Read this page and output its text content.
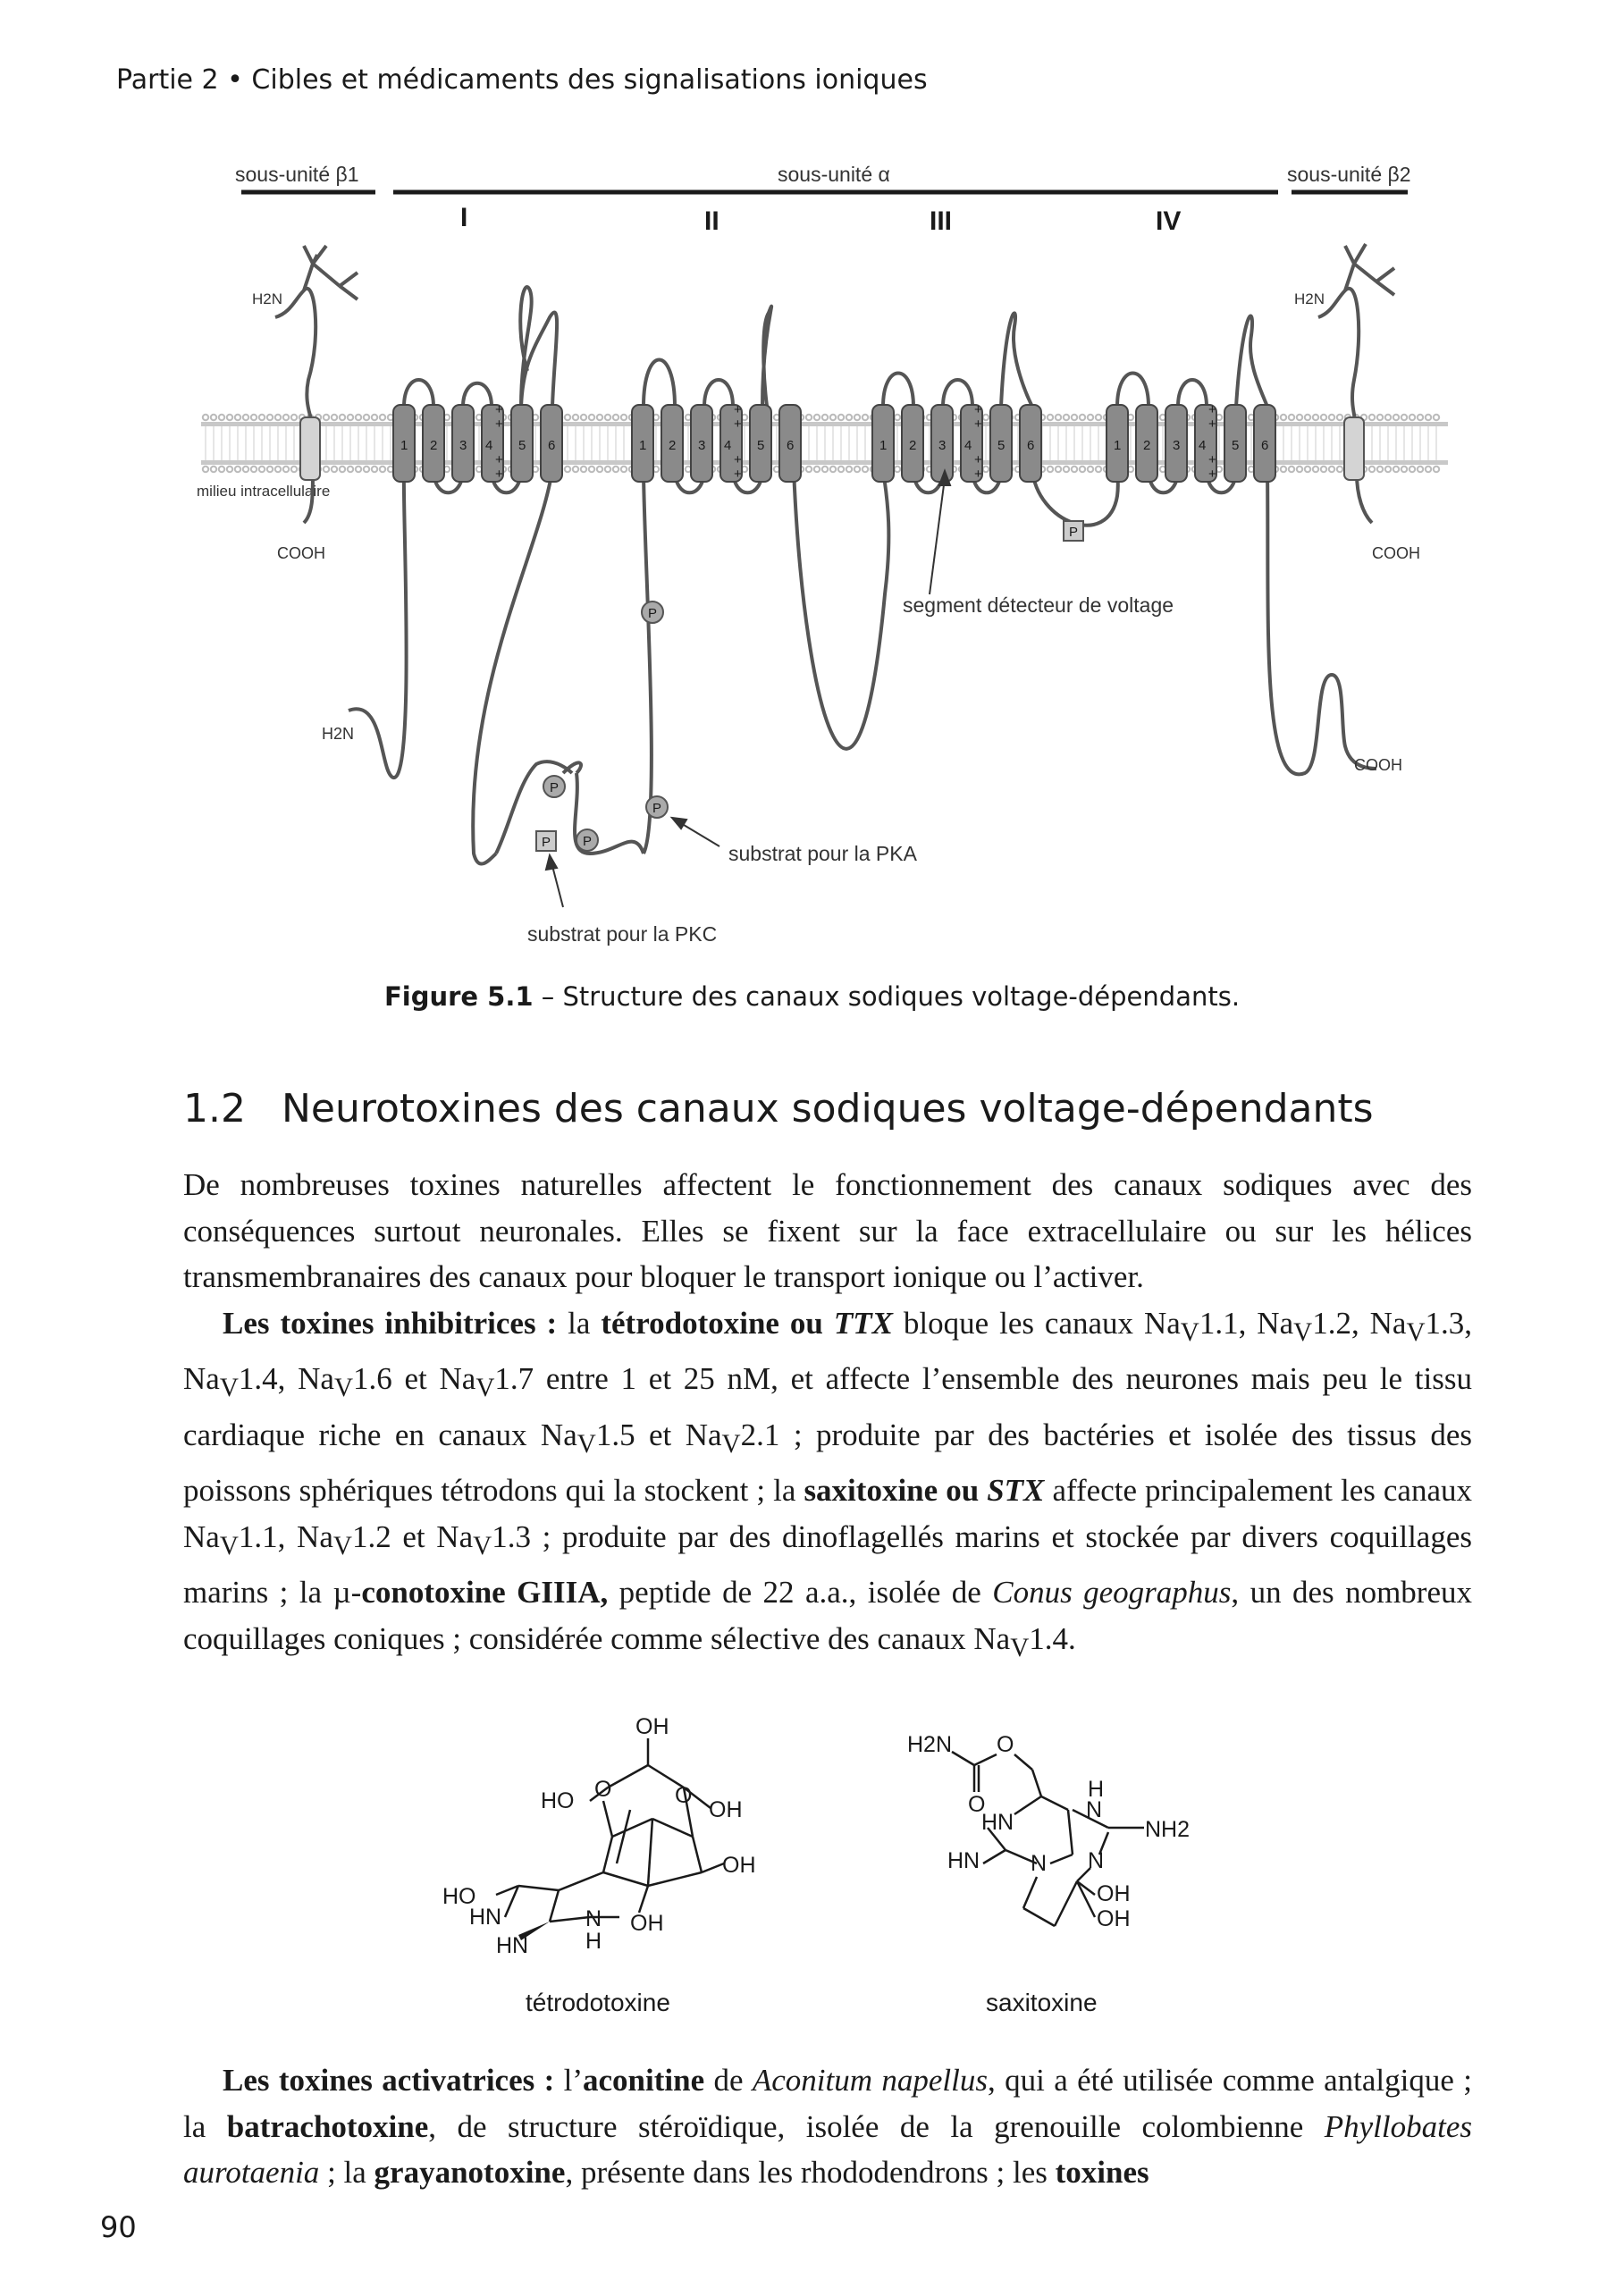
Partie 2 • Cibles et médicaments des signalisations ioniques
sous-unité β1	sous-unité α	sous-unité β2
I	II	III	IV
milieu intracellulaire
H2N
COOH
H2N
COOH
1 2 3 4
+
+
+
+
5 6	1 2 3 4
+
+
+
+
5 6	1 2 3 4
+
+
+
+
5 6	1 2 3 4
+
+
+
+
5 6
H2N
COOH
P
P
P
P
P
P
segment détecteur de voltage
substrat pour la PKA
substrat pour la PKC
Figure 5.1 – Structure des canaux sodiques voltage-dépendants.
1.2 Neurotoxines des canaux sodiques voltage-dépendants

De nombreuses toxines naturelles affectent le fonctionnement des canaux sodiques avec des conséquences surtout neuronales. Elles se fixent sur la face extracellulaire ou sur les hélices transmembranaires des canaux pour bloquer le transport ionique ou l’activer.

Les toxines inhibitrices : la tétrodotoxine ou TTX bloque les canaux $Na_V1.1$, $Na_V1.2$, $Na_V1.3$, $Na_V1.4$, $Na_V1.6$ et $Na_V1.7$ entre 1 et 25 nM, et affecte l’ensemble des neurones mais peu le tissu cardiaque riche en canaux $Na_V1.5$ et $Na_V2.1$ ; produite par des bactéries et isolée des tissus des poissons sphériques tétrodons qui la stockent ; la saxitoxine ou STX affecte principalement les canaux $Na_V1.1$, $Na_V1.2$ et $Na_V1.3$ ; produite par des dinoflagellés marins et stockée par divers coquillages marins ; la µ-conotoxine GIIIA, peptide de 22 a.a., isolée de Conus geographus, un des nombreux coquillages coniques ; considérée comme sélective des canaux $Na_V1.4$.

OH
HO O	O
OH
OH
HO
OH
HN
HN
N
H
tétrodotoxine
H2N O
O
HN
H
N
NH2
HN N N
OH
OH
saxitoxine

Les toxines activatrices : l’aconitine de Aconitum napellus, qui a été utilisée comme antalgique ; la batrachotoxine, de structure stéroïdique, isolée de la grenouille colombienne Phyllobates aurotaenia ; la grayanotoxine, présente dans les rhododendrons ; les toxines

90
